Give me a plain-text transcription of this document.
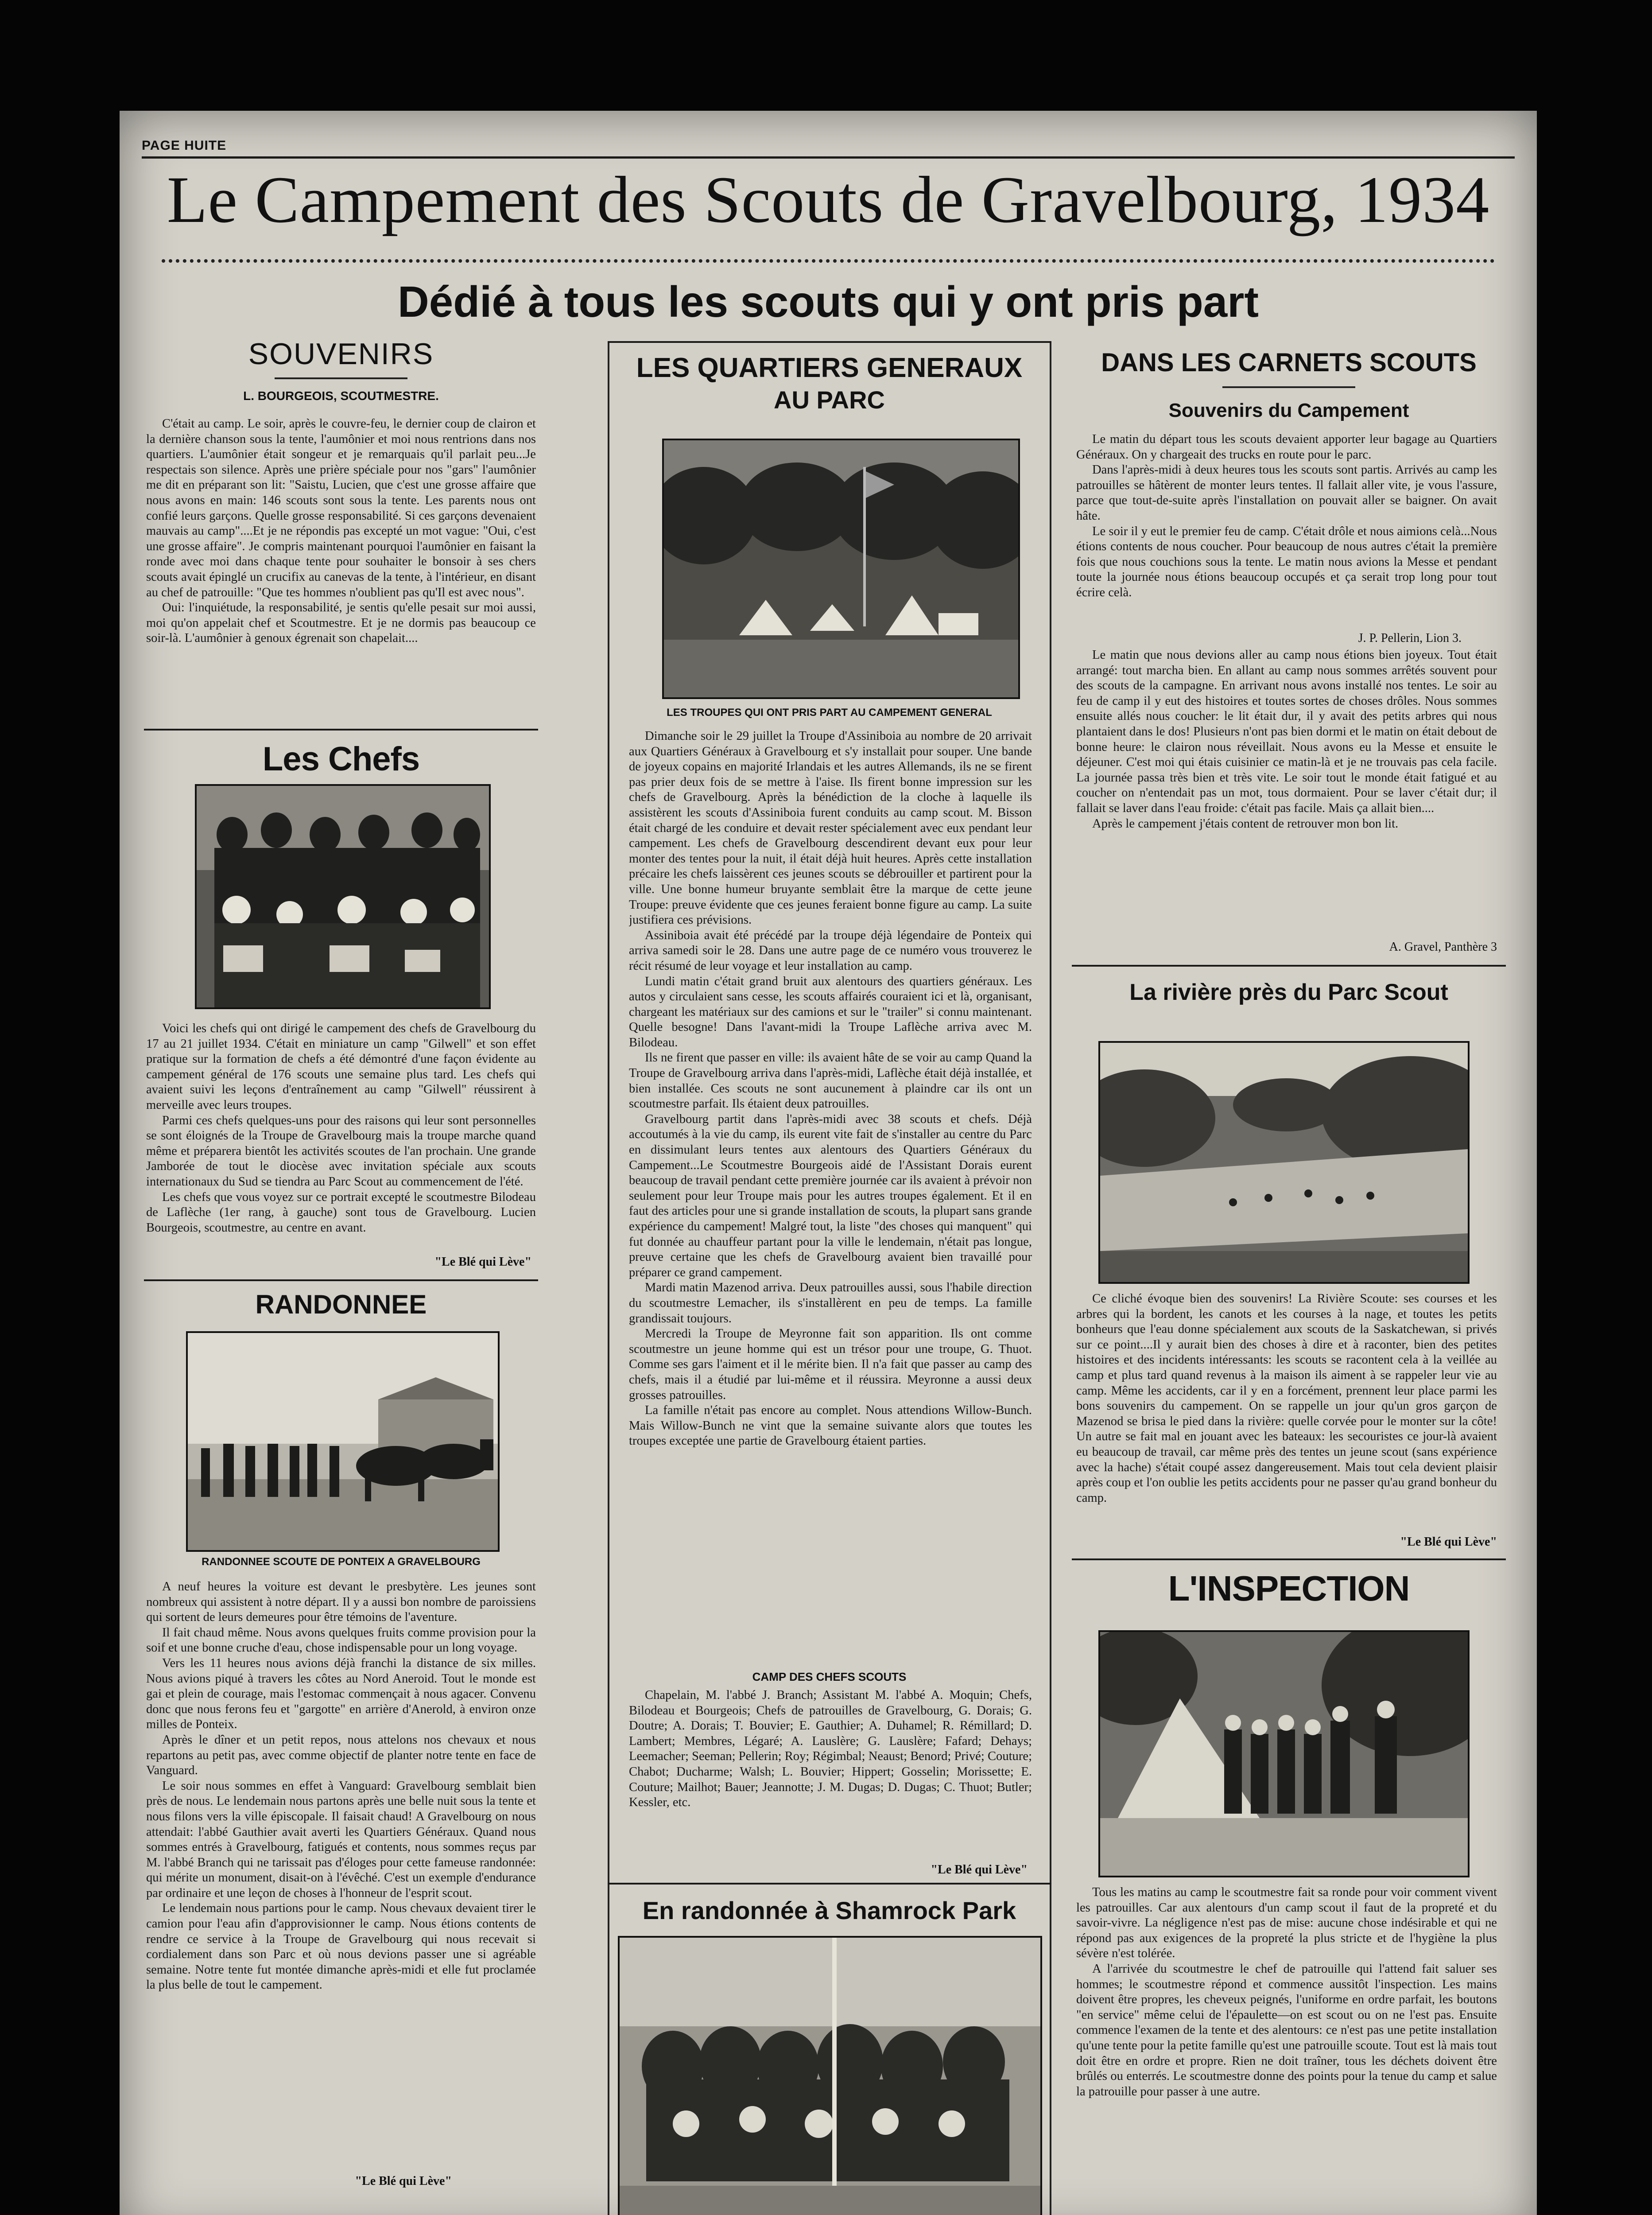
PAGE HUITE
Le Campement des Scouts de Gravelbourg, 1934
Dédié à tous les scouts qui y ont pris part
SOUVENIRS
L. BOURGEOIS, SCOUTMESTRE.

C'était au camp. Le soir, après le couvre-feu, le dernier coup de clairon et la dernière chanson sous la tente, l'aumônier et moi nous rentrions dans nos quartiers. L'aumônier était songeur et je remarquais qu'il parlait peu...Je respectais son silence. Après une prière spéciale pour nos "gars" l'aumônier me dit en préparant son lit: "Saistu, Lucien, que c'est une grosse affaire que nous avons en main: 146 scouts sont sous la tente. Les parents nous ont confié leurs garçons. Quelle grosse responsabilité. Si ces garçons devenaient mauvais au camp"....Et je ne répondis pas excepté un mot vague: "Oui, c'est une grosse affaire". Je compris maintenant pourquoi l'aumônier en faisant la ronde avec moi dans chaque tente pour souhaiter le bonsoir à ses chers scouts avait épinglé un crucifix au canevas de la tente, à l'intérieur, en disant au chef de patrouille: "Que tes hommes n'oublient pas qu'Il est avec nous".

Oui: l'inquiétude, la responsabilité, je sentis qu'elle pesait sur moi aussi, moi qu'on appelait chef et Scoutmestre. Et je ne dormis pas beaucoup ce soir-là. L'aumônier à genoux égrenait son chapelait....

Les Chefs

Voici les chefs qui ont dirigé le campement des chefs de Gravelbourg du 17 au 21 juillet 1934. C'était en miniature un camp "Gilwell" et son effet pratique sur la formation de chefs a été démontré d'une façon évidente au campement général de 176 scouts une semaine plus tard. Les chefs qui avaient suivi les leçons d'entraînement au camp "Gilwell" réussirent à merveille avec leurs troupes.

Parmi ces chefs quelques-uns pour des raisons qui leur sont personnelles se sont éloignés de la Troupe de Gravelbourg mais la troupe marche quand même et préparera bientôt les activités scoutes de l'an prochain. Une grande Jamborée de tout le diocèse avec invitation spéciale aux scouts internationaux du Sud se tiendra au Parc Scout au commencement de l'été.

Les chefs que vous voyez sur ce portrait excepté le scoutmestre Bilodeau de Laflèche (1er rang, à gauche) sont tous de Gravelbourg. Lucien Bourgeois, scoutmestre, au centre en avant.

"Le Blé qui Lève"
RANDONNEE
RANDONNEE SCOUTE DE PONTEIX A GRAVELBOURG

A neuf heures la voiture est devant le presbytère. Les jeunes sont nombreux qui assistent à notre départ. Il y a aussi bon nombre de paroissiens qui sortent de leurs demeures pour être témoins de l'aventure.

Il fait chaud même. Nous avons quelques fruits comme provision pour la soif et une bonne cruche d'eau, chose indispensable pour un long voyage.

Vers les 11 heures nous avions déjà franchi la distance de six milles. Nous avions piqué à travers les côtes au Nord Aneroid. Tout le monde est gai et plein de courage, mais l'estomac commençait à nous agacer. Convenu donc que nous ferons feu et "gargotte" en arrière d'Anerold, à environ onze milles de Ponteix.

Après le dîner et un petit repos, nous attelons nos chevaux et nous repartons au petit pas, avec comme objectif de planter notre tente en face de Vanguard.

Le soir nous sommes en effet à Vanguard: Gravelbourg semblait bien près de nous. Le lendemain nous partons après une belle nuit sous la tente et nous filons vers la ville épiscopale. Il faisait chaud! A Gravelbourg on nous attendait: l'abbé Gauthier avait averti les Quartiers Généraux. Quand nous sommes entrés à Gravelbourg, fatigués et contents, nous sommes reçus par M. l'abbé Branch qui ne tarissait pas d'éloges pour cette fameuse randonnée: qui mérite un monument, disait-on à l'évêché. C'est un exemple d'endurance par ordinaire et une leçon de choses à l'honneur de l'esprit scout.

Le lendemain nous partions pour le camp. Nous chevaux devaient tirer le camion pour l'eau afin d'approvisionner le camp. Nous étions contents de rendre ce service à la Troupe de Gravelbourg qui nous recevait si cordialement dans son Parc et où nous devions passer une si agréable semaine. Notre tente fut montée dimanche après-midi et elle fut proclamée la plus belle de tout le campement.

"Le Blé qui Lève"
LES QUARTIERS GENERAUX
AU PARC
LES TROUPES QUI ONT PRIS PART AU CAMPEMENT GENERAL

Dimanche soir le 29 juillet la Troupe d'Assiniboia au nombre de 20 arrivait aux Quartiers Généraux à Gravelbourg et s'y installait pour souper. Une bande de joyeux copains en majorité Irlandais et les autres Allemands, ils ne se firent pas prier deux fois de se mettre à l'aise. Ils firent bonne impression sur les chefs de Gravelbourg. Après la bénédiction de la cloche à laquelle ils assistèrent les scouts d'Assiniboia furent conduits au camp scout. M. Bisson était chargé de les conduire et devait rester spécialement avec eux pendant leur campement. Les chefs de Gravelbourg descendirent devant eux pour leur monter des tentes pour la nuit, il était déjà huit heures. Après cette installation précaire les chefs laissèrent ces jeunes scouts se débrouiller et partirent pour la ville. Une bonne humeur bruyante semblait être la marque de cette jeune Troupe: preuve évidente que ces jeunes feraient bonne figure au camp. La suite justifiera ces prévisions.

Assiniboia avait été précédé par la troupe déjà légendaire de Ponteix qui arriva samedi soir le 28. Dans une autre page de ce numéro vous trouverez le récit résumé de leur voyage et leur installation au camp.

Lundi matin c'était grand bruit aux alentours des quartiers généraux. Les autos y circulaient sans cesse, les scouts affairés couraient ici et là, organisant, chargeant les matériaux sur des camions et sur le "trailer" si connu maintenant. Quelle besogne! Dans l'avant-midi la Troupe Laflèche arriva avec M. Bilodeau.

Ils ne firent que passer en ville: ils avaient hâte de se voir au camp Quand la Troupe de Gravelbourg arriva dans l'après-midi, Laflèche était déjà installée, et bien installée. Ces scouts ne sont aucunement à plaindre car ils ont un scoutmestre parfait. Ils étaient deux patrouilles.

Gravelbourg partit dans l'après-midi avec 38 scouts et chefs. Déjà accoutumés à la vie du camp, ils eurent vite fait de s'installer au centre du Parc en dissimulant leurs tentes aux alentours des Quartiers Généraux du Campement...Le Scoutmestre Bourgeois aidé de l'Assistant Dorais eurent beaucoup de travail pendant cette première journée car ils avaient à prévoir non seulement pour leur Troupe mais pour les autres troupes également. Et il en faut des articles pour une si grande installation de scouts, la plupart sans grande expérience du campement! Malgré tout, la liste "des choses qui manquent" qui fut donnée au chauffeur partant pour la ville le lendemain, n'était pas longue, preuve certaine que les chefs de Gravelbourg avaient bien travaillé pour préparer ce grand campement.

Mardi matin Mazenod arriva. Deux patrouilles aussi, sous l'habile direction du scoutmestre Lemacher, ils s'installèrent en peu de temps. La famille grandissait toujours.

Mercredi la Troupe de Meyronne fait son apparition. Ils ont comme scoutmestre un jeune homme qui est un trésor pour une troupe, G. Thuot. Comme ses gars l'aiment et il le mérite bien. Il n'a fait que passer au camp des chefs, mais il a étudié par lui-même et il réussira. Meyronne a aussi deux grosses patrouilles.

La famille n'était pas encore au complet. Nous attendions Willow-Bunch. Mais Willow-Bunch ne vint que la semaine suivante alors que toutes les troupes exceptée une partie de Gravelbourg étaient parties.

CAMP DES CHEFS SCOUTS

Chapelain, M. l'abbé J. Branch; Assistant M. l'abbé A. Moquin; Chefs, Bilodeau et Bourgeois; Chefs de patrouilles de Gravelbourg, G. Dorais; G. Doutre; A. Dorais; T. Bouvier; E. Gauthier; A. Duhamel; R. Rémillard; D. Lambert; Membres, Légaré; A. Lauslère; G. Lauslère; Fafard; Dehays; Leemacher; Seeman; Pellerin; Roy; Régimbal; Neaust; Benord; Privé; Couture; Chabot; Ducharme; Walsh; L. Bouvier; Hippert; Gosselin; Morissette; E. Couture; Mailhot; Bauer; Jeannotte; J. M. Dugas; D. Dugas; C. Thuot; Butler; Kessler, etc.

"Le Blé qui Lève"
En randonnée à Shamrock Park
DANS LES CARNETS SCOUTS
Souvenirs du Campement

Le matin du départ tous les scouts devaient apporter leur bagage au Quartiers Généraux. On y chargeait des trucks en route pour le parc.

Dans l'après-midi à deux heures tous les scouts sont partis. Arrivés au camp les patrouilles se hâtèrent de monter leurs tentes. Il fallait aller vite, je vous l'assure, parce que tout-de-suite après l'installation on pouvait aller se baigner. On avait hâte.

Le soir il y eut le premier feu de camp. C'était drôle et nous aimions celà...Nous étions contents de nous coucher. Pour beaucoup de nous autres c'était la première fois que nous couchions sous la tente. Le matin nous avions la Messe et pendant toute la journée nous étions beaucoup occupés et ça serait trop long pour tout écrire celà.

J. P. Pellerin, Lion 3.

Le matin que nous devions aller au camp nous étions bien joyeux. Tout était arrangé: tout marcha bien. En allant au camp nous sommes arrêtés souvent pour des scouts de la campagne. En arrivant nous avons installé nos tentes. Le soir au feu de camp il y eut des histoires et toutes sortes de choses drôles. Nous sommes ensuite allés nous coucher: le lit était dur, il y avait des petits arbres qui nous plantaient dans le dos! Plusieurs n'ont pas bien dormi et le matin on était debout de bonne heure: le clairon nous réveillait. Nous avons eu la Messe et ensuite le déjeuner. C'est moi qui étais cuisinier ce matin-là et je ne trouvais pas cela facile. La journée passa très bien et très vite. Le soir tout le monde était fatigué et au coucher on n'entendait pas un mot, tous dormaient. Pour se laver c'était dur; il fallait se laver dans l'eau froide: c'était pas facile. Mais ça allait bien....

Après le campement j'étais content de retrouver mon bon lit.

A. Gravel, Panthère 3
La rivière près du Parc Scout

Ce cliché évoque bien des souvenirs! La Rivière Scoute: ses courses et les arbres qui la bordent, les canots et les courses à la nage, et toutes les petits bonheurs que l'eau donne spécialement aux scouts de la Saskatchewan, si privés sur ce point....Il y aurait bien des choses à dire et à raconter, bien des petites histoires et des incidents intéressants: les scouts se racontent cela à la veillée au camp et plus tard quand revenus à la maison ils aiment à se rappeler leur vie au camp. Même les accidents, car il y en a forcément, prennent leur place parmi les bons souvenirs du campement. On se rappelle un jour qu'un gros garçon de Mazenod se brisa le pied dans la rivière: quelle corvée pour le monter sur la côte! Un autre se fait mal en jouant avec les bateaux: les secouristes ce jour-là avaient eu beaucoup de travail, car même près des tentes un jeune scout (sans expérience avec la hache) s'était coupé assez dangereusement. Mais tout cela devient plaisir après coup et l'on oublie les petits accidents pour ne passer qu'au grand bonheur du camp.

"Le Blé qui Lève"
L'INSPECTION

Tous les matins au camp le scoutmestre fait sa ronde pour voir comment vivent les patrouilles. Car aux alentours d'un camp scout il faut de la propreté et du savoir-vivre. La négligence n'est pas de mise: aucune chose indésirable et qui ne répond pas aux exigences de la propreté la plus stricte et de l'hygiène la plus sévère n'est tolérée.

A l'arrivée du scoutmestre le chef de patrouille qui l'attend fait saluer ses hommes; le scoutmestre répond et commence aussitôt l'inspection. Les mains doivent être propres, les cheveux peignés, l'uniforme en ordre parfait, les boutons "en service" même celui de l'épaulette—on est scout ou on ne l'est pas. Ensuite commence l'examen de la tente et des alentours: ce n'est pas une petite installation qu'une tente pour la petite famille qu'est une patrouille scoute. Tout est là mais tout doit être en ordre et propre. Rien ne doit traîner, tous les déchets doivent être brûlés ou enterrés. Le scoutmestre donne des points pour la tenue du camp et salue la patrouille pour passer à une autre.
